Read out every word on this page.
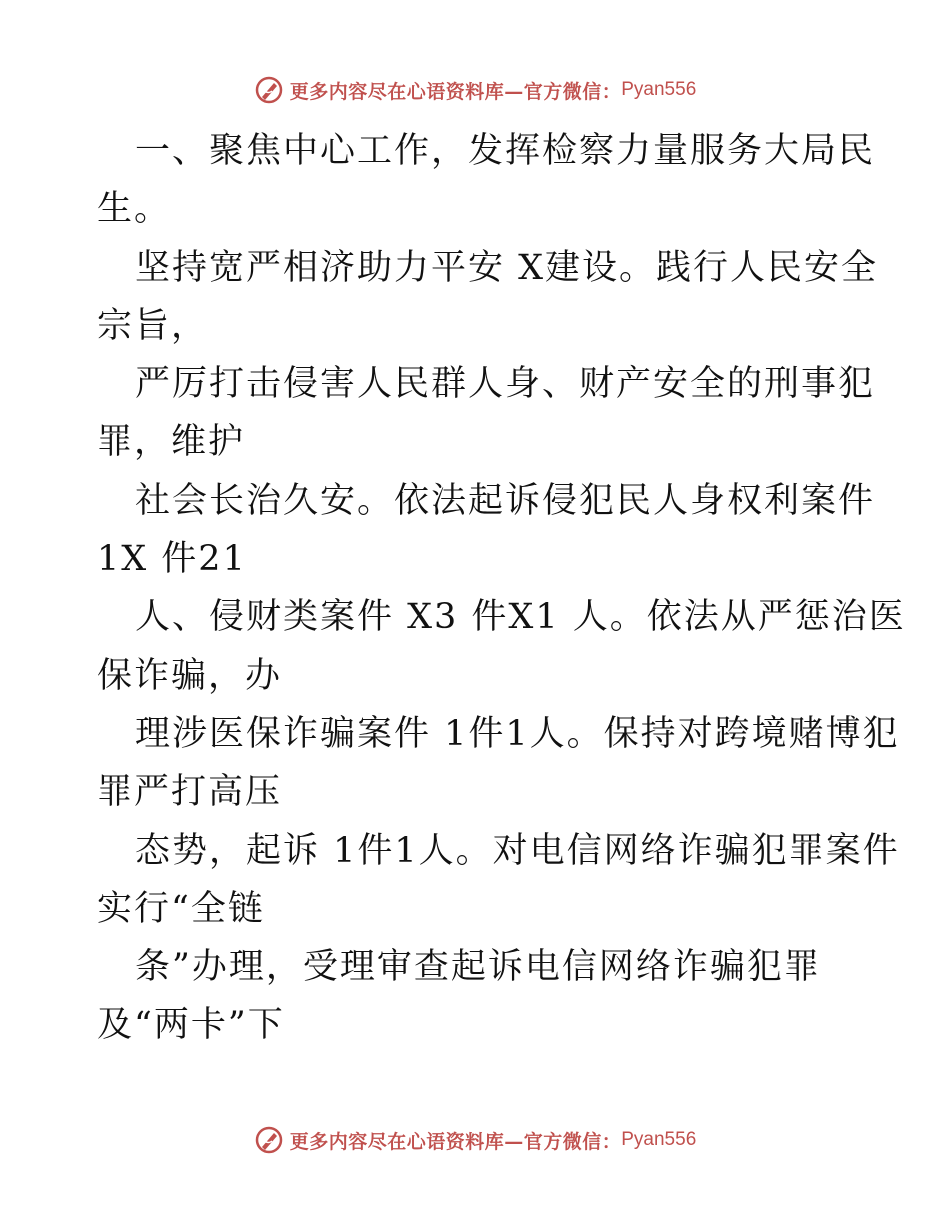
更多内容尽在心语资料库—官方微信： Pyan556
一、聚焦中心工作，发挥检察力量服务大局民
生。
坚持宽严相济助力平安 X建设。践行人民安全
宗旨，
严厉打击侵害人民群人身、财产安全的刑事犯
罪，维护
社会长治久安。依法起诉侵犯民人身权利案件
1X 件21
人、侵财类案件 X3 件X1 人。依法从严惩治医
保诈骗，办
理涉医保诈骗案件 1件1人。保持对跨境赌博犯
罪严打高压
态势，起诉 1件1人。对电信网络诈骗犯罪案件
实行“全链
条”办理，受理审查起诉电信网络诈骗犯罪
及“两卡”下
更多内容尽在心语资料库—官方微信： Pyan556
